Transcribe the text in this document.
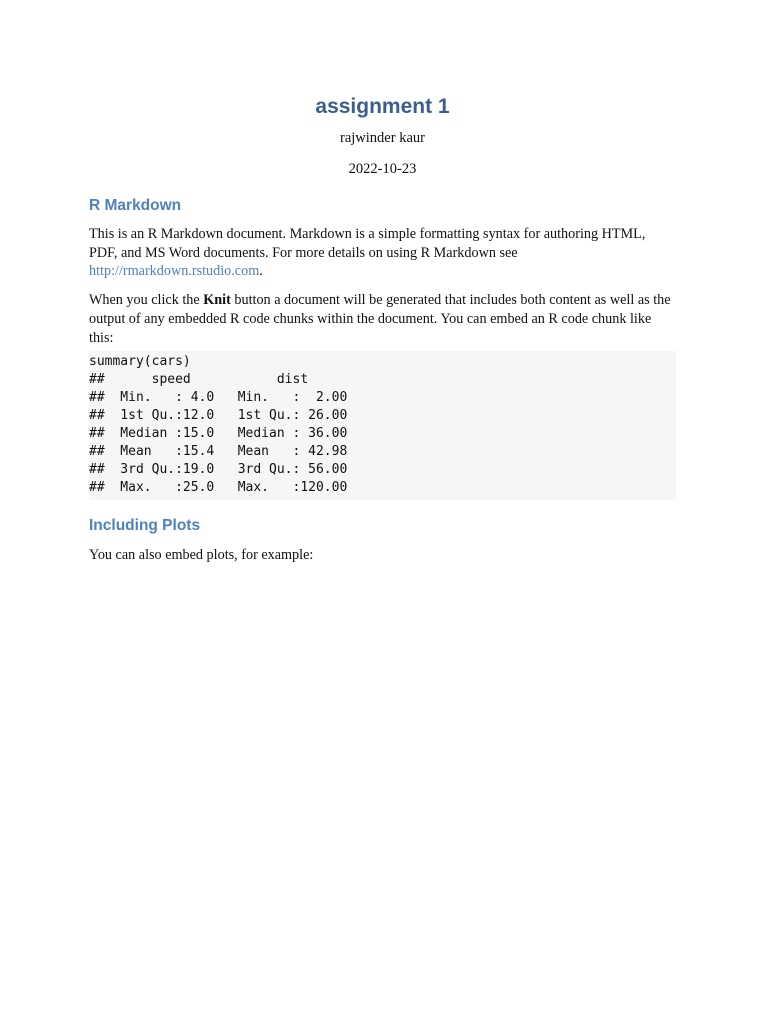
assignment 1
rajwinder kaur
2022-10-23
R Markdown

This is an R Markdown document. Markdown is a simple formatting syntax for authoring HTML, PDF, and MS Word documents. For more details on using R Markdown see http://rmarkdown.rstudio.com.

When you click the Knit button a document will be generated that includes both content as well as the output of any embedded R code chunks within the document. You can embed an R code chunk like this:

summary(cars)
##      speed           dist
##  Min.   : 4.0   Min.   :  2.00
##  1st Qu.:12.0   1st Qu.: 26.00
##  Median :15.0   Median : 36.00
##  Mean   :15.4   Mean   : 42.98
##  3rd Qu.:19.0   3rd Qu.: 56.00
##  Max.   :25.0   Max.   :120.00
Including Plots

You can also embed plots, for example:
